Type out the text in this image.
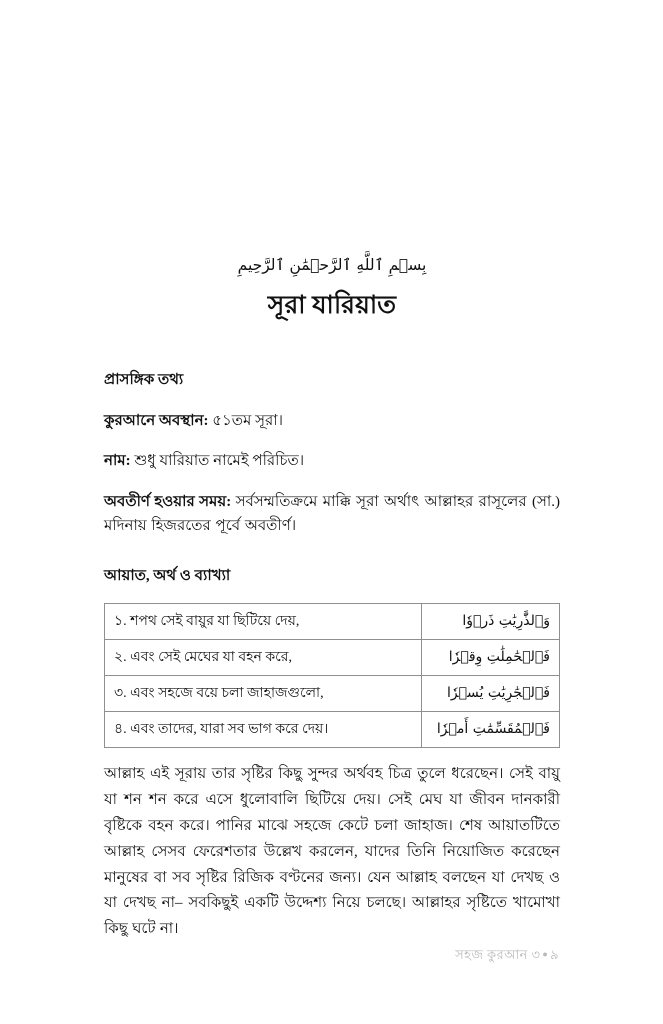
بِسۡمِ ٱللَّهِ ٱلرَّحۡمَٰنِ ٱلرَّحِيمِ
সূরা যারিয়াত
প্রাসঙ্গিক তথ্য
কুরআনে অবস্থান: ৫১তম সূরা।
নাম: শুধু যারিয়াত নামেই পরিচিত।
অবতীর্ণ হওয়ার সময়: সর্বসম্মতিক্রমে মাক্কি সূরা অর্থাৎ আল্লাহর রাসূলের (সা.) মদিনায় হিজরতের পূর্বে অবতীর্ণ।
আয়াত, অর্থ ও ব্যাখ্যা
১. শপথ সেই বায়ুর যা ছিটিয়ে দেয়,	وَٱلذَّٰرِيَٰتِ ذَرۡوٗا
২. এবং সেই মেঘের যা বহন করে,	فَٱلۡحَٰمِلَٰتِ وِقۡرٗا
৩. এবং সহজে বয়ে চলা জাহাজগুলো,	فَٱلۡجَٰرِيَٰتِ يُسۡرٗا
৪. এবং তাদের, যারা সব ভাগ করে দেয়।	فَٱلۡمُقَسِّمَٰتِ أَمۡرٗا
আল্লাহ এই সূরায় তার সৃষ্টির কিছু সুন্দর অর্থবহ চিত্র তুলে ধরেছেন। সেই বায়ু যা শন শন করে এসে ধুলোবালি ছিটিয়ে দেয়। সেই মেঘ যা জীবন দানকারী বৃষ্টিকে বহন করে। পানির মাঝে সহজে কেটে চলা জাহাজ। শেষ আয়াতটিতে আল্লাহ সেসব ফেরেশতার উল্লেখ করলেন, যাদের তিনি নিয়োজিত করেছেন মানুষের বা সব সৃষ্টির রিজিক বণ্টনের জন্য। যেন আল্লাহ বলছেন যা দেখছ ও যা দেখছ না– সবকিছুই একটি উদ্দেশ্য নিয়ে চলছে। আল্লাহর সৃষ্টিতে খামোখা কিছু ঘটে না।
সহজ কুরআন ৩ ● ৯
